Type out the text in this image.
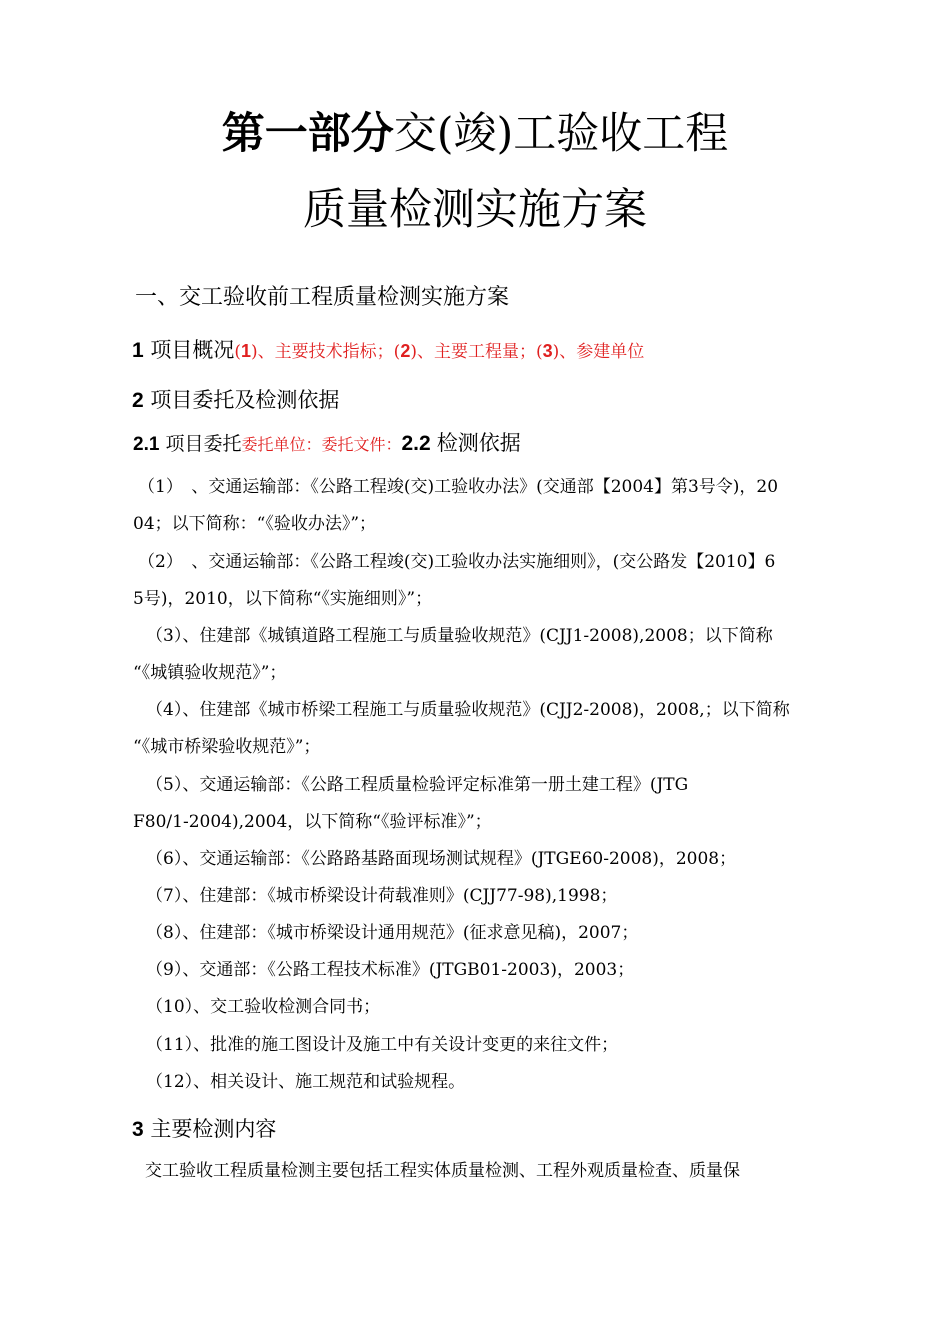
第一部分交(竣)工验收工程
质量检测实施方案
一、交工验收前工程质量检测实施方案
1 项目概况(1)、主要技术指标；(2)、主要工程量；(3)、参建单位
2 项目委托及检测依据
2.1 项目委托委托单位：委托文件：2.2 检测依据
（1）　、交通运输部：《公路工程竣(交)工验收办法》(交通部【2004】第3号令)，20
04；以下简称：“《验收办法》”；
（2）　、交通运输部：《公路工程竣(交)工验收办法实施细则》，(交公路发【2010】6
5号)，2010，以下简称“《实施细则》”；
（3）、住建部《城镇道路工程施工与质量验收规范》(CJJ1-2008),2008；以下简称
“《城镇验收规范》”；
（4）、住建部《城市桥梁工程施工与质量验收规范》(CJJ2-2008)，2008,；以下简称
“《城市桥梁验收规范》”；
（5）、交通运输部：《公路工程质量检验评定标准第一册土建工程》(JTG
F80/1-2004),2004，以下简称“《验评标准》”；
（6）、交通运输部：《公路路基路面现场测试规程》(JTGE60-2008)，2008；
（7）、住建部：《城市桥梁设计荷载准则》(CJJ77-98),1998；
（8）、住建部：《城市桥梁设计通用规范》(征求意见稿)，2007；
（9）、交通部：《公路工程技术标准》(JTGB01-2003)，2003；
（10）、交工验收检测合同书；
（11）、批准的施工图设计及施工中有关设计变更的来往文件；
（12）、相关设计、施工规范和试验规程。
3 主要检测内容
交工验收工程质量检测主要包括工程实体质量检测、工程外观质量检查、质量保
